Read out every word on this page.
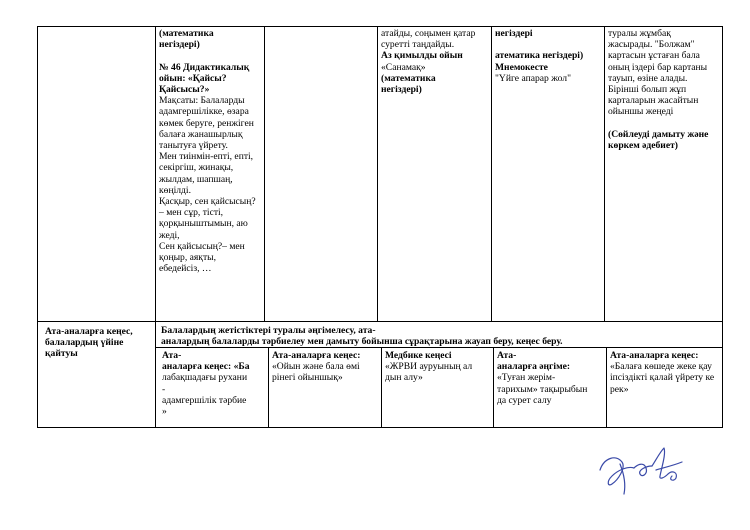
(математика
негіздері)

№ 46 Дидактикалық
ойын: «Қайсы?
Қайсысы?»
Мақсаты: Балаларды
адамгершілікке, өзара
көмек беруге, ренжіген
балаға жанашырлық
танытуға үйрету.
Мен тиінмін-епті, епті,
секіргіш, жинақы,
жылдам, шапшаң,
көңілді.
Қасқыр, сен қайсысың?
– мен сұр, тісті,
қорқыныштымын, аю
жеді,
Сен қайсысың?– мен
қоңыр, аяқты,
ебедейсіз, …
атайды, соңымен қатар
суретті таңдайды.
Аз қимылды ойын
«Санамақ»
(математика
негіздері)
негіздері

атематика негіздері)
Мнемокесте
"Үйге апарар жол"
туралы жұмбақ
жасырады. "Болжам"
картасын ұстаған бала
оның іздері бар картаны
тауып, өзіне алады.
Бірінші болып жұп
карталарын жасайтын
ойыншы жеңеді

(Сөйлеуді дамыту және
көркем әдебиет)
Ата-аналарға кеңес,
балалардың үйіне
қайтуы
Балалардың жетістіктері туралы әңгімелесу, ата-
аналардың балаларды тәрбиелеу мен дамыту бойынша сұрақтарына жауап беру, кеңес беру.
Ата-
аналарға кеңес: «Ба
лабақшадағы рухани
-
адамгершілік тәрбие
»
Ата-аналарға кеңес:
«Ойын және бала өмі
рінегі ойыншық»
Медбике кеңесі
«ЖРВИ ауруының ал
дын алу»
Ата-
аналарға әңгіме:
«Туған жерім-
тарихым» тақырыбын
да сурет салу
Ата-аналарға кеңес:
«Балаға көшеде жеке қау
іпсіздікті қалай үйрету ке
рек»
